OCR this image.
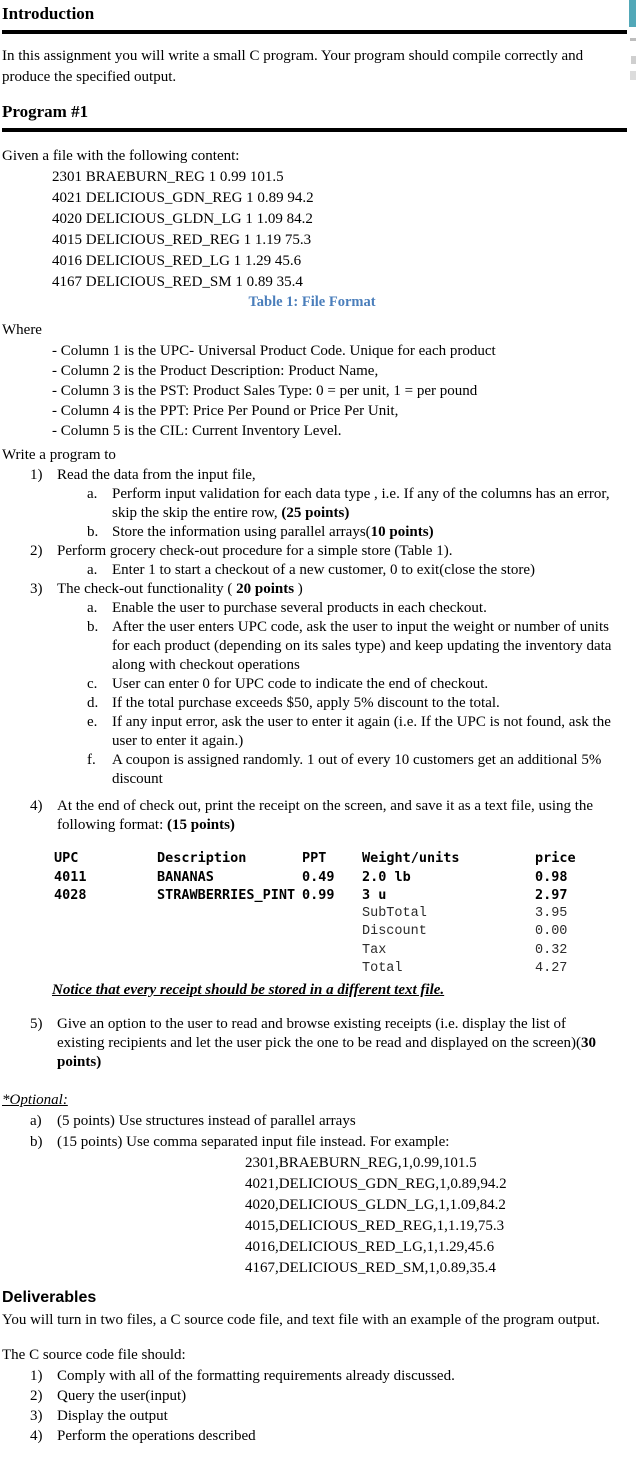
Introduction
In this assignment you will write a small C program. Your program should compile correctly and produce the specified output.
Program #1
Given a file with the following content:
2301 BRAEBURN_REG 1 0.99 101.5
4021 DELICIOUS_GDN_REG 1 0.89 94.2
4020 DELICIOUS_GLDN_LG 1 1.09 84.2
4015 DELICIOUS_RED_REG 1 1.19 75.3
4016 DELICIOUS_RED_LG 1 1.29 45.6
4167 DELICIOUS_RED_SM 1 0.89 35.4
Table 1: File Format
Where
- Column 1 is the UPC- Universal Product Code. Unique for each product
- Column 2 is the Product Description: Product Name,
- Column 3 is the PST: Product Sales Type: 0 = per unit, 1 = per pound
- Column 4 is the PPT: Price Per Pound or Price Per Unit,
- Column 5 is the CIL: Current Inventory Level.
Write a program to
1) Read the data from the input file,
a. Perform input validation for each data type , i.e. If any of the columns has an error, skip the skip the entire row, (25 points)
b. Store the information using parallel arrays(10 points)
2) Perform grocery check-out procedure for a simple store (Table 1).
a. Enter 1 to start a checkout of a new customer, 0 to exit(close the store)
3) The check-out functionality ( 20 points )
a. Enable the user to purchase several products in each checkout.
b. After the user enters UPC code, ask the user to input the weight or number of units for each product (depending on its sales type) and keep updating the inventory data along with checkout operations
c. User can enter 0 for UPC code to indicate the end of checkout.
d. If the total purchase exceeds $50, apply 5% discount to the total.
e. If any input error, ask the user to enter it again (i.e. If the UPC is not found, ask the user to enter it again.)
f.	A coupon is assigned randomly. 1 out of every 10 customers get an additional 5% discount
4) At the end of check out, print the receipt on the screen, and save it as a text file, using the following format: (15 points)
UPC	Description	PPT	Weight/units	price
4011	BANANAS	0.49	2.0 lb	0.98
4028	STRAWBERRIES_PINT 0.99	3 u	2.97
SubTotal	3.95
Discount	0.00
Tax	0.32
Total	4.27
Notice that every receipt should be stored in a different text file.
5) Give an option to the user to read and browse existing receipts (i.e. display the list of existing recipients and let the user pick the one to be read and displayed on the screen)(30 points)
*Optional:
a)	(5 points) Use structures instead of parallel arrays
b) (15 points) Use comma separated input file instead. For example:
2301,BRAEBURN_REG,1,0.99,101.5
4021,DELICIOUS_GDN_REG,1,0.89,94.2
4020,DELICIOUS_GLDN_LG,1,1.09,84.2
4015,DELICIOUS_RED_REG,1,1.19,75.3
4016,DELICIOUS_RED_LG,1,1.29,45.6
4167,DELICIOUS_RED_SM,1,0.89,35.4
Deliverables
You will turn in two files, a C source code file, and text file with an example of the program output.
The C source code file should:
1) Comply with all of the formatting requirements already discussed.
2) Query the user(input)
3) Display the output
4) Perform the operations described
